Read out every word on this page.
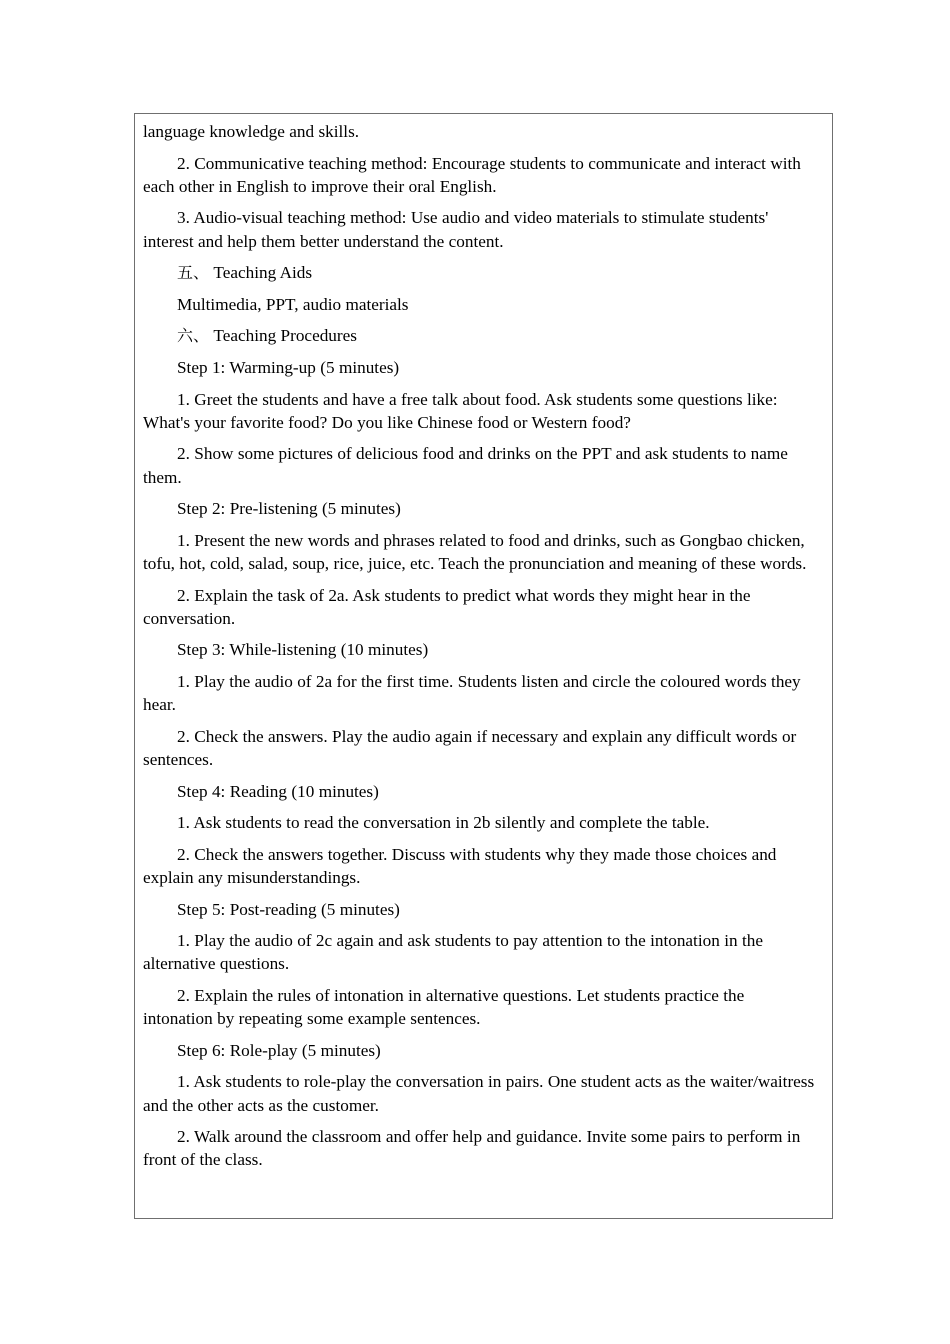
language knowledge and skills.

2. Communicative teaching method: Encourage students to communicate and interact with each other in English to improve their oral English.

3. Audio-visual teaching method: Use audio and video materials to stimulate students' interest and help them better understand the content.

五、 Teaching Aids

Multimedia, PPT, audio materials

六、 Teaching Procedures

Step 1: Warming-up (5 minutes)

1. Greet the students and have a free talk about food. Ask students some questions like: What's your favorite food? Do you like Chinese food or Western food?

2. Show some pictures of delicious food and drinks on the PPT and ask students to name them.

Step 2: Pre-listening (5 minutes)

1. Present the new words and phrases related to food and drinks, such as Gongbao chicken, tofu, hot, cold, salad, soup, rice, juice, etc. Teach the pronunciation and meaning of these words.

2. Explain the task of 2a. Ask students to predict what words they might hear in the conversation.

Step 3: While-listening (10 minutes)

1. Play the audio of 2a for the first time. Students listen and circle the coloured words they hear.

2. Check the answers. Play the audio again if necessary and explain any difficult words or sentences.

Step 4: Reading (10 minutes)

1. Ask students to read the conversation in 2b silently and complete the table.

2. Check the answers together. Discuss with students why they made those choices and explain any misunderstandings.

Step 5: Post-reading (5 minutes)

1. Play the audio of 2c again and ask students to pay attention to the intonation in the alternative questions.

2. Explain the rules of intonation in alternative questions. Let students practice the intonation by repeating some example sentences.

Step 6: Role-play (5 minutes)

1. Ask students to role-play the conversation in pairs. One student acts as the waiter/waitress and the other acts as the customer.

2. Walk around the classroom and offer help and guidance. Invite some pairs to perform in front of the class.
